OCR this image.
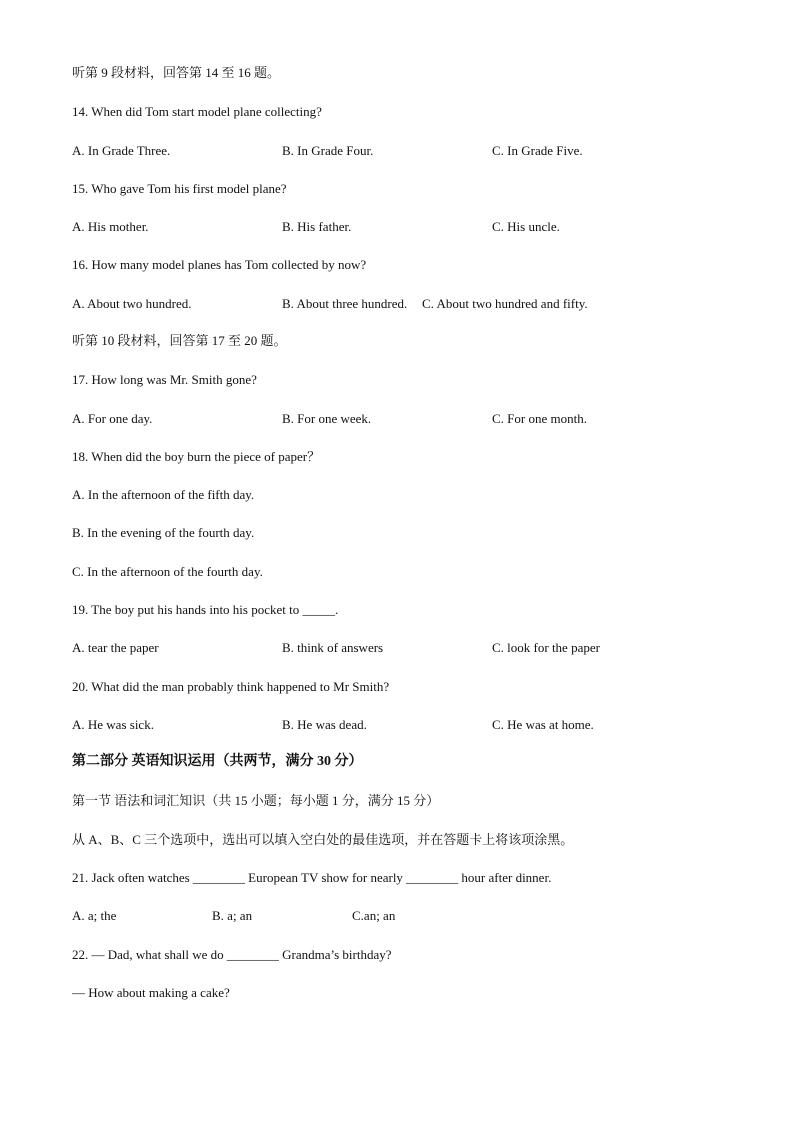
听第 9 段材料，回答第 14 至 16 题。
14. When did Tom start model plane collecting?
A. In Grade Three.	B. In Grade Four.	C. In Grade Five.
15. Who gave Tom his first model plane?
A. His mother.	B. His father.	C. His uncle.
16. How many model planes has Tom collected by now?
A. About two hundred.	B. About three hundred. C. About two hundred and fifty.
听第 10 段材料，回答第 17 至 20 题。
17. How long was Mr. Smith gone?
A. For one day.	B. For one week.	C. For one month.
18. When did the boy burn the piece of paper？
A. In the afternoon of the fifth day.
B. In the evening of the fourth day.
C. In the afternoon of the fourth day.
19. The boy put his hands into his pocket to _____.
A. tear the paper	B. think of answers	C. look for the paper
20. What did the man probably think happened to Mr Smith?
A. He was sick.	B. He was dead.	C. He was at home.
第二部分 英语知识运用（共两节，满分 30 分）
第一节 语法和词汇知识（共 15 小题；每小题 1 分，满分 15 分）
从 A、B、C 三个选项中，选出可以填入空白处的最佳选项，并在答题卡上将该项涂黑。
21. Jack often watches ________ European TV show for nearly ________ hour after dinner.
A. a; the	B. a; an	C.an; an
22. — Dad, what shall we do ________ Grandma’s birthday?
— How about making a cake?
